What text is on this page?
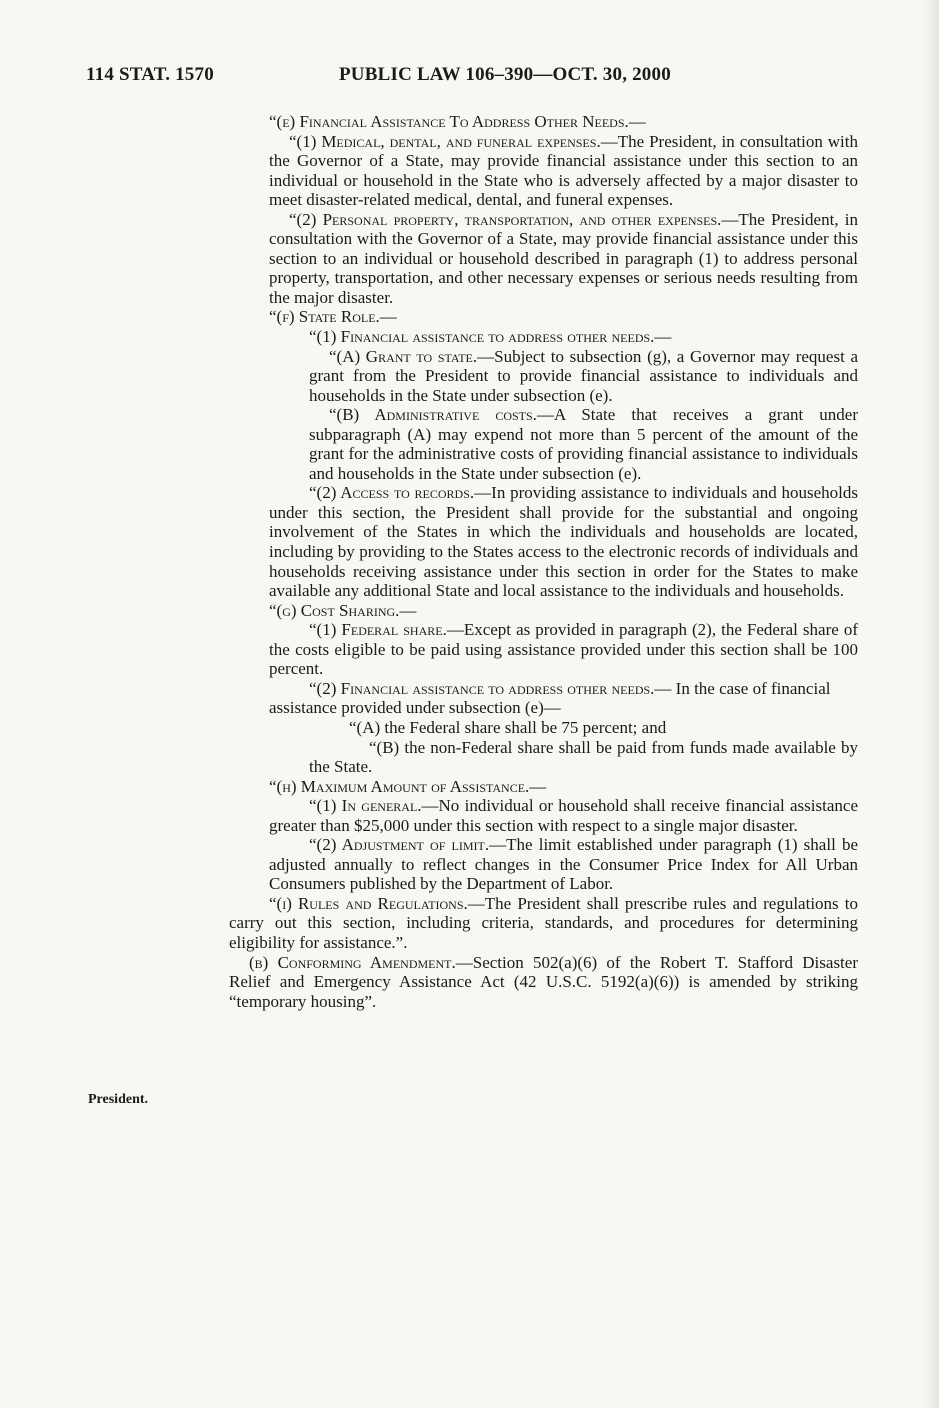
114 STAT. 1570	PUBLIC LAW 106–390—OCT. 30, 2000
President.

“(e) Financial Assistance To Address Other Needs.—

“(1) Medical, dental, and funeral expenses.—The President, in consultation with the Governor of a State, may provide financial assistance under this section to an individual or household in the State who is adversely affected by a major disaster to meet disaster-related medical, dental, and funeral expenses.

“(2) Personal property, transportation, and other expenses.—The President, in consultation with the Governor of a State, may provide financial assistance under this section to an individual or household described in paragraph (1) to address personal property, transportation, and other necessary expenses or serious needs resulting from the major disaster.

“(f) State Role.—

“(1) Financial assistance to address other needs.—

“(A) Grant to state.—Subject to subsection (g), a Governor may request a grant from the President to provide financial assistance to individuals and households in the State under subsection (e).

“(B) Administrative costs.—A State that receives a grant under subparagraph (A) may expend not more than 5 percent of the amount of the grant for the administrative costs of providing financial assistance to individuals and households in the State under subsection (e).

“(2) Access to records.—In providing assistance to individuals and households under this section, the President shall provide for the substantial and ongoing involvement of the States in which the individuals and households are located, including by providing to the States access to the electronic records of individuals and households receiving assistance under this section in order for the States to make available any additional State and local assistance to the individuals and households.

“(g) Cost Sharing.—

“(1) Federal share.—Except as provided in paragraph (2), the Federal share of the costs eligible to be paid using assistance provided under this section shall be 100 percent.

“(2) Financial assistance to address other needs.— In the case of financial assistance provided under subsection (e)—

“(A) the Federal share shall be 75 percent; and

“(B) the non-Federal share shall be paid from funds made available by the State.

“(h) Maximum Amount of Assistance.—

“(1) In general.—No individual or household shall receive financial assistance greater than $25,000 under this section with respect to a single major disaster.

“(2) Adjustment of limit.—The limit established under paragraph (1) shall be adjusted annually to reflect changes in the Consumer Price Index for All Urban Consumers published by the Department of Labor.

“(i) Rules and Regulations.—The President shall prescribe rules and regulations to carry out this section, including criteria, standards, and procedures for determining eligibility for assistance.”.

(b) Conforming Amendment.—Section 502(a)(6) of the Robert T. Stafford Disaster Relief and Emergency Assistance Act (42 U.S.C. 5192(a)(6)) is amended by striking “temporary housing”.
